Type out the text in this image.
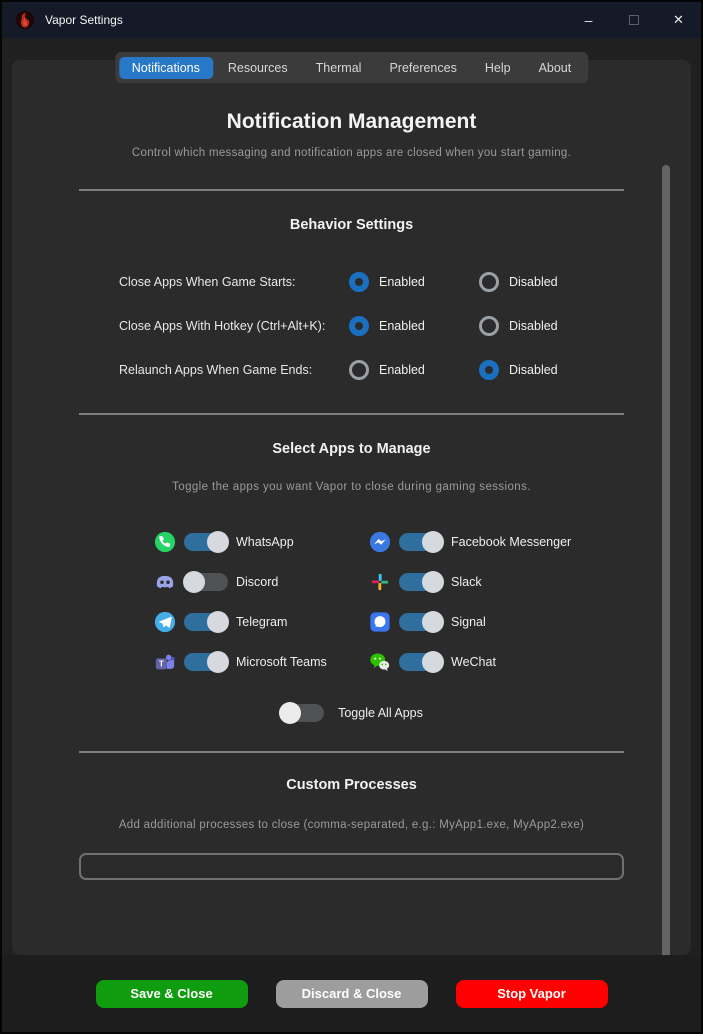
Vapor Settings	–	✕
Notifications	Resources	Thermal	Preferences	Help	About
Notification Management
Control which messaging and notification apps are closed when you start gaming.
Behavior Settings
Close Apps When Game Starts:	Enabled	Disabled
Close Apps With Hotkey (Ctrl+Alt+K):	Enabled	Disabled
Relaunch Apps When Game Ends:	Enabled	Disabled
Select Apps to Manage
Toggle the apps you want Vapor to close during gaming sessions.
WhatsApp	Facebook Messenger
Discord	Slack
Telegram	Signal
T	Microsoft Teams	WeChat
Toggle All Apps
Custom Processes
Add additional processes to close (comma-separated, e.g.: MyApp1.exe, MyApp2.exe)
Save & Close	Discard & Close	Stop Vapor
